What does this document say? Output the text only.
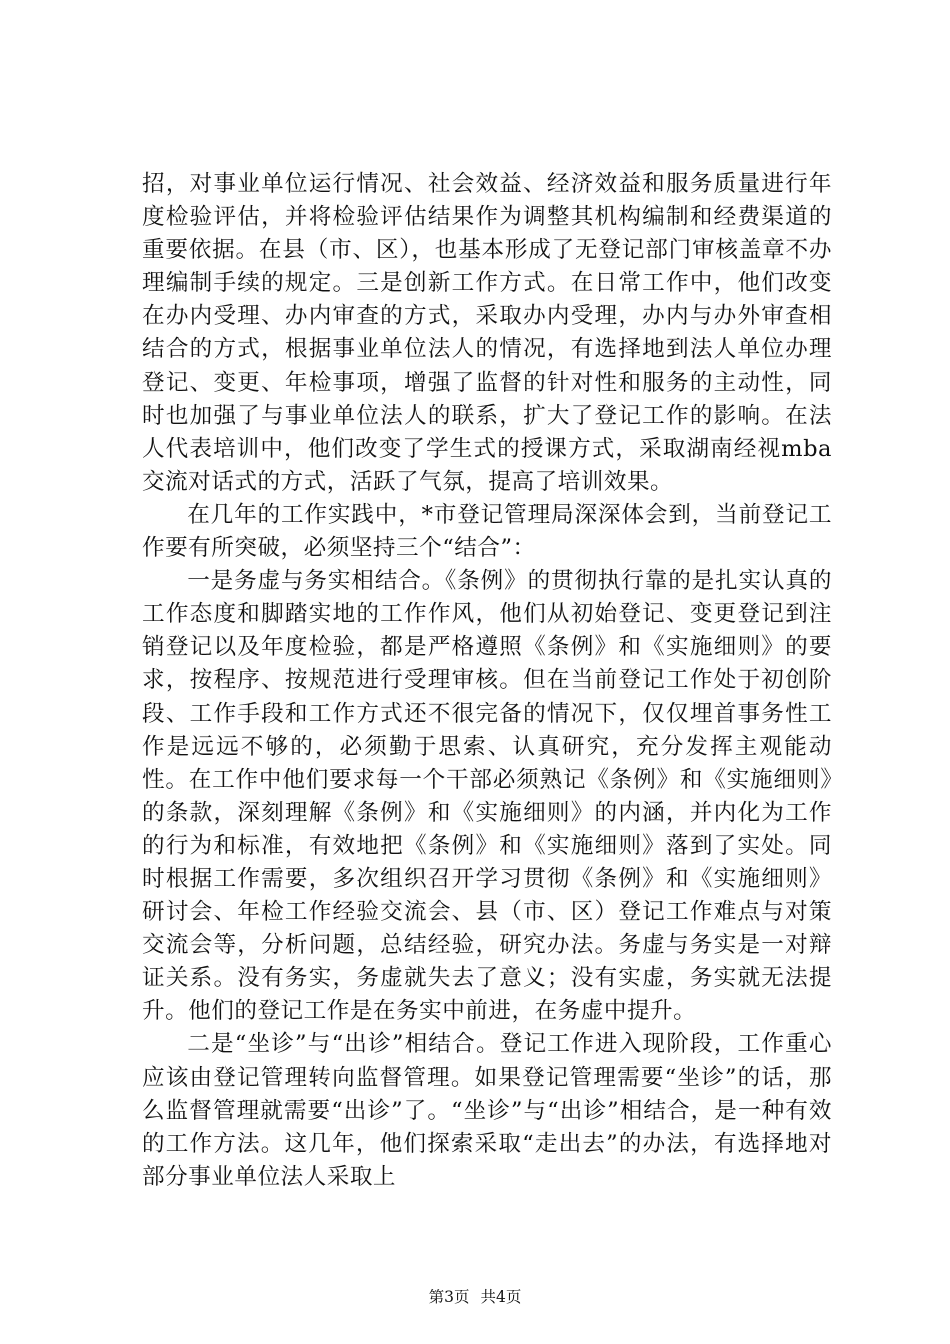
招，对事业单位运行情况、社会效益、经济效益和服务质量进行年度检验评估，并将检验评估结果作为调整其机构编制和经费渠道的重要依据。在县（市、区），也基本形成了无登记部门审核盖章不办理编制手续的规定。三是创新工作方式。在日常工作中，他们改变在办内受理、办内审查的方式，采取办内受理，办内与办外审查相结合的方式，根据事业单位法人的情况，有选择地到法人单位办理登记、变更、年检事项，增强了监督的针对性和服务的主动性，同时也加强了与事业单位法人的联系，扩大了登记工作的影响。在法人代表培训中，他们改变了学生式的授课方式，采取湖南经视mba交流对话式的方式，活跃了气氛，提高了培训效果。

在几年的工作实践中，*市登记管理局深深体会到，当前登记工作要有所突破，必须坚持三个“结合”：

一是务虚与务实相结合。《条例》的贯彻执行靠的是扎实认真的工作态度和脚踏实地的工作作风，他们从初始登记、变更登记到注销登记以及年度检验，都是严格遵照《条例》和《实施细则》的要求，按程序、按规范进行受理审核。但在当前登记工作处于初创阶段、工作手段和工作方式还不很完备的情况下，仅仅埋首事务性工作是远远不够的，必须勤于思索、认真研究，充分发挥主观能动性。在工作中他们要求每一个干部必须熟记《条例》和《实施细则》的条款，深刻理解《条例》和《实施细则》的内涵，并内化为工作的行为和标准，有效地把《条例》和《实施细则》落到了实处。同时根据工作需要，多次组织召开学习贯彻《条例》和《实施细则》研讨会、年检工作经验交流会、县（市、区）登记工作难点与对策交流会等，分析问题，总结经验，研究办法。务虚与务实是一对辩证关系。没有务实，务虚就失去了意义；没有实虚，务实就无法提升。他们的登记工作是在务实中前进，在务虚中提升。

二是“坐诊”与“出诊”相结合。登记工作进入现阶段，工作重心应该由登记管理转向监督管理。如果登记管理需要“坐诊”的话，那么监督管理就需要“出诊”了。“坐诊”与“出诊”相结合，是一种有效的工作方法。这几年，他们探索采取“走出去”的办法，有选择地对部分事业单位法人采取上

第3页 共4页
